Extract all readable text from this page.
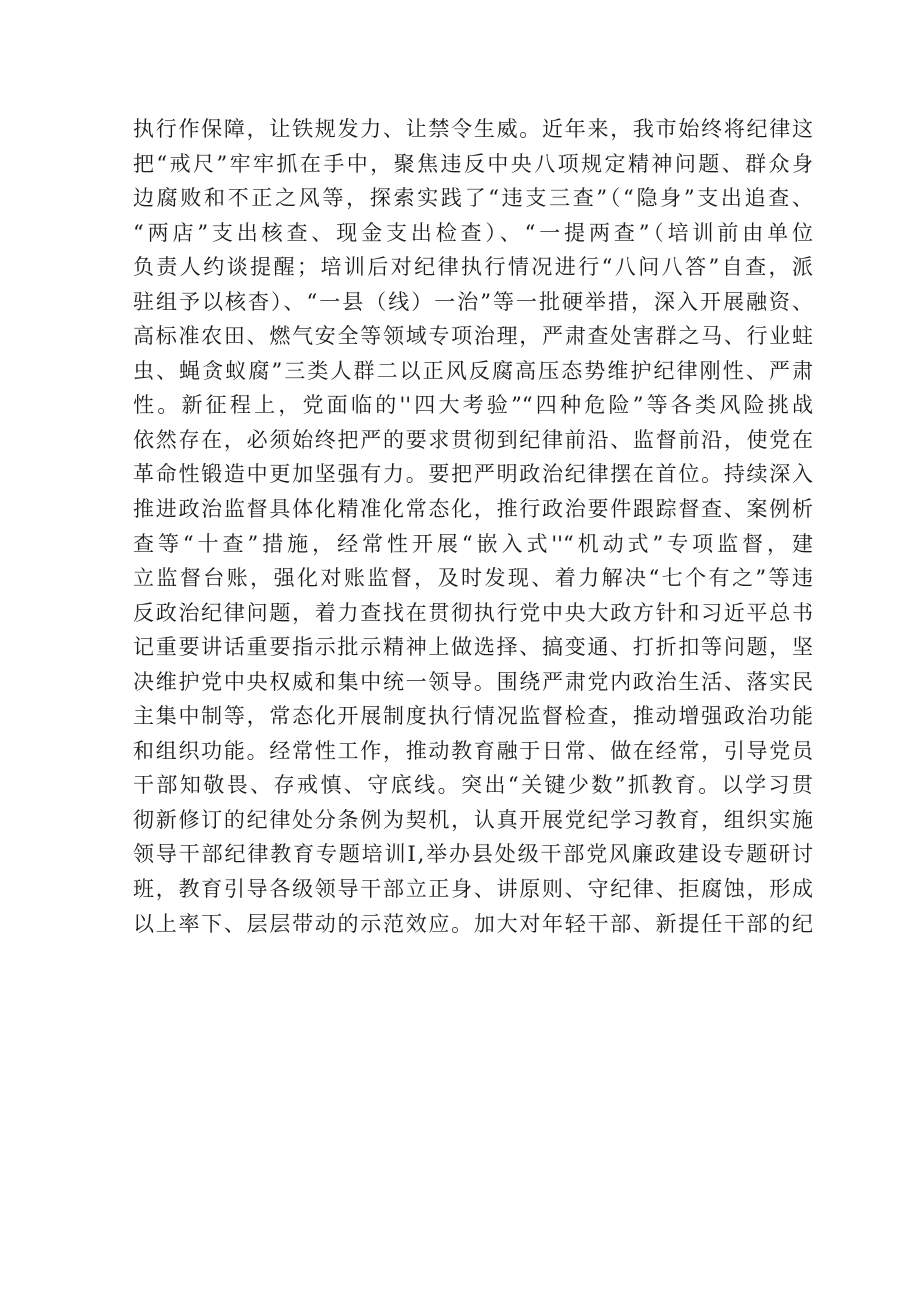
执行作保障，让铁规发力、让禁令生威。近年来，我市始终将纪律这
把“戒尺”牢牢抓在手中，聚焦违反中央八项规定精神问题、群众身
边腐败和不正之风等，探索实践了“违支三查”（“隐身”支出追查、
“两店”支出核查、现金支出检查）、“一提两查”（培训前由单位
负责人约谈提醒；培训后对纪律执行情况进行“八问八答”自查，派
驻组予以核杳）、“一县（线）一治”等一批硬举措，深入开展融资、
高标准农田、燃气安全等领域专项治理，严肃查处害群之马、行业蛀
虫、蝇贪蚁腐”三类人群二以正风反腐高压态势维护纪律刚性、严肃
性。新征程上，党面临的''四大考验”“四种危险”等各类风险挑战
依然存在，必须始终把严的要求贯彻到纪律前沿、监督前沿，使党在
革命性锻造中更加坚强有力。要把严明政治纪律摆在首位。持续深入
推进政治监督具体化精准化常态化，推行政治要件跟踪督查、案例析
查等“十查”措施，经常性开展“嵌入式''“机动式”专项监督，建
立监督台账，强化对账监督，及时发现、着力解决“七个有之”等违
反政治纪律问题，着力查找在贯彻执行党中央大政方针和习近平总书
记重要讲话重要指示批示精神上做选择、搞变通、打折扣等问题，坚
决维护党中央权威和集中统一领导。围绕严肃党内政治生活、落实民
主集中制等，常态化开展制度执行情况监督检查，推动增强政治功能
和组织功能。经常性工作，推动教育融于日常、做在经常，引导党员
干部知敬畏、存戒慎、守底线。突出“关键少数”抓教育。以学习贯
彻新修订的纪律处分条例为契机，认真开展党纪学习教育，组织实施
领导干部纪律教育专题培训Ⅰ,举办县处级干部党风廉政建设专题研讨
班，教育引导各级领导干部立正身、讲原则、守纪律、拒腐蚀，形成
以上率下、层层带动的示范效应。加大对年轻干部、新提任干部的纪
